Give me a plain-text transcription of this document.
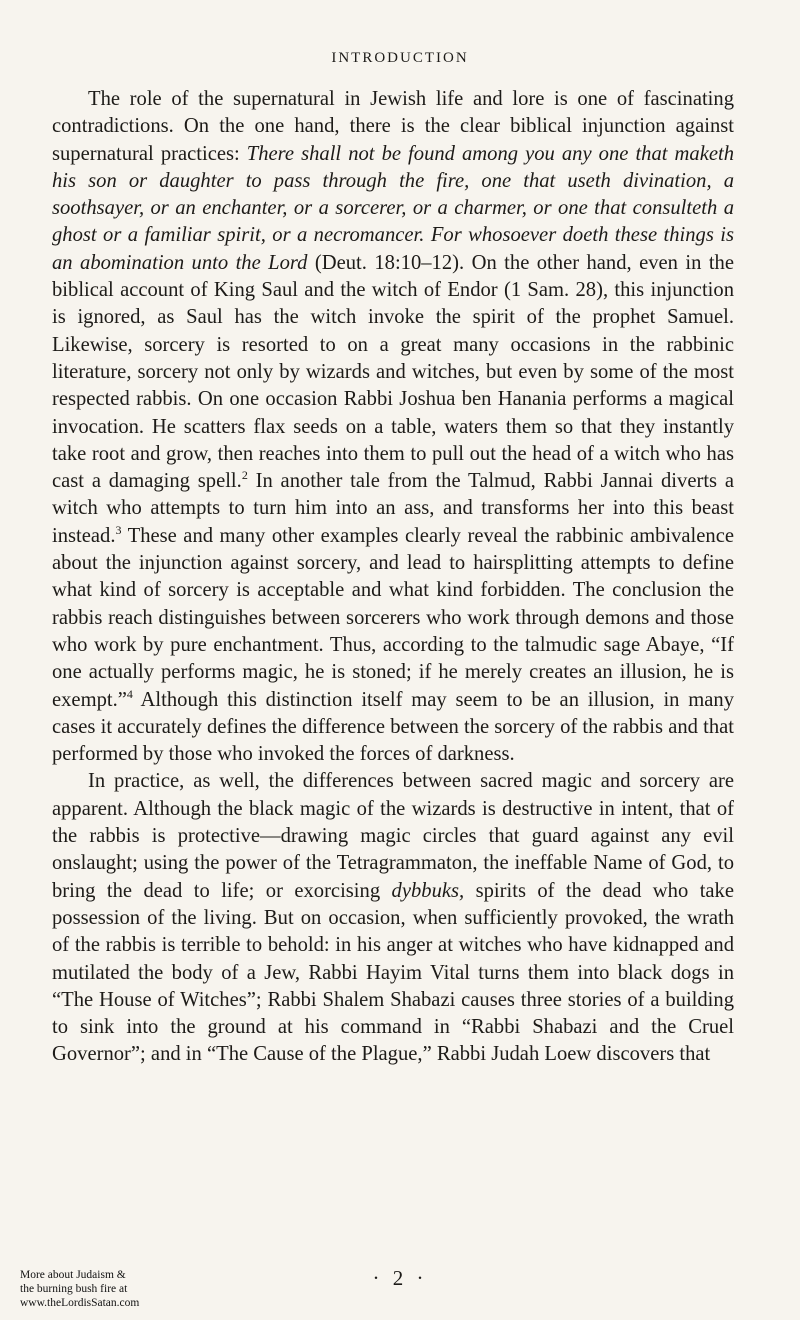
INTRODUCTION

The role of the supernatural in Jewish life and lore is one of fascinating contradictions. On the one hand, there is the clear biblical injunction against supernatural practices: There shall not be found among you any one that maketh his son or daughter to pass through the fire, one that useth divination, a soothsayer, or an enchanter, or a sorcerer, or a charmer, or one that consulteth a ghost or a familiar spirit, or a necromancer. For whosoever doeth these things is an abomination unto the Lord (Deut. 18:10–12). On the other hand, even in the biblical account of King Saul and the witch of Endor (1 Sam. 28), this injunction is ignored, as Saul has the witch invoke the spirit of the prophet Samuel. Likewise, sorcery is resorted to on a great many occasions in the rabbinic literature, sorcery not only by wizards and witches, but even by some of the most respected rabbis. On one occasion Rabbi Joshua ben Hanania performs a magical invocation. He scatters flax seeds on a table, waters them so that they instantly take root and grow, then reaches into them to pull out the head of a witch who has cast a damaging spell.$^2$ In another tale from the Talmud, Rabbi Jannai diverts a witch who attempts to turn him into an ass, and transforms her into this beast instead.$^3$ These and many other examples clearly reveal the rabbinic ambivalence about the injunction against sorcery, and lead to hairsplitting attempts to define what kind of sorcery is acceptable and what kind forbidden. The conclusion the rabbis reach distinguishes between sorcerers who work through demons and those who work by pure enchantment. Thus, according to the talmudic sage Abaye, “If one actually performs magic, he is stoned; if he merely creates an illusion, he is exempt.”$^4$ Although this distinction itself may seem to be an illusion, in many cases it accurately defines the difference between the sorcery of the rabbis and that performed by those who invoked the forces of darkness.

In practice, as well, the differences between sacred magic and sorcery are apparent. Although the black magic of the wizards is destructive in intent, that of the rabbis is protective—drawing magic circles that guard against any evil onslaught; using the power of the Tetragrammaton, the ineffable Name of God, to bring the dead to life; or exorcising dybbuks, spirits of the dead who take possession of the living. But on occasion, when sufficiently provoked, the wrath of the rabbis is terrible to behold: in his anger at witches who have kidnapped and mutilated the body of a Jew, Rabbi Hayim Vital turns them into black dogs in “The House of Witches”; Rabbi Shalem Shabazi causes three stories of a building to sink into the ground at his command in “Rabbi Shabazi and the Cruel Governor”; and in “The Cause of the Plague,” Rabbi Judah Loew discovers that

· 2 ·
More about Judaism &
the burning bush fire at
www.theLordisSatan.com
